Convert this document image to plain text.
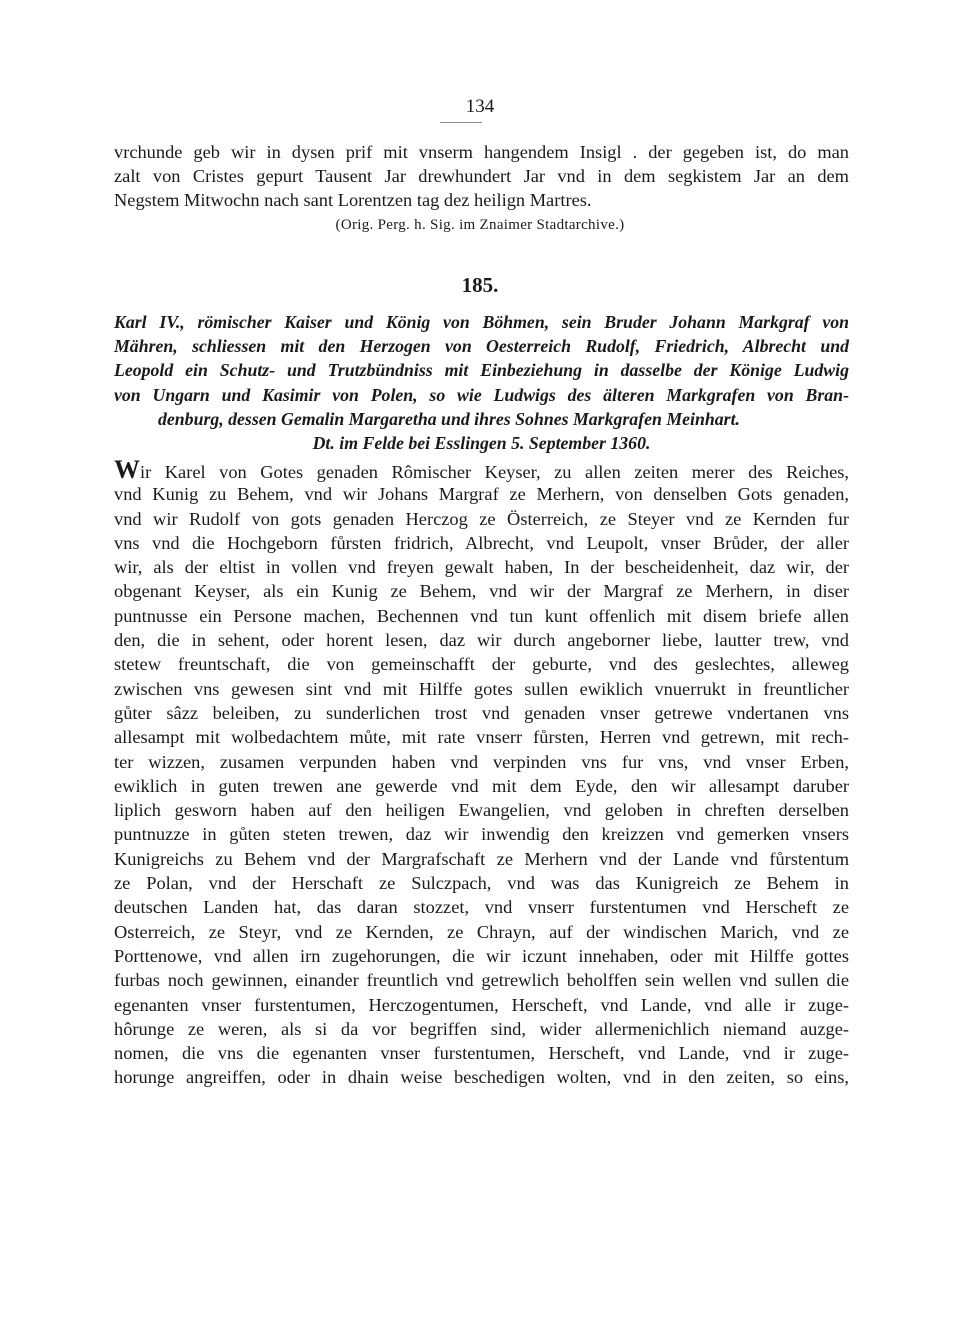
134
vrchunde geb wir in dysen prif mit vnserm hangendem Insigl . der gegeben ist, do man
zalt von Cristes gepurt Tausent Jar drewhundert Jar vnd in dem segkistem Jar an dem
Negstem Mitwochn nach sant Lorentzen tag dez heilign Martres.
(Orig. Perg. h. Sig. im Znaimer Stadtarchive.)
185.
Karl IV., römischer Kaiser und König von Böhmen, sein Bruder Johann Markgraf von
Mähren, schliessen mit den Herzogen von Oesterreich Rudolf, Friedrich, Albrecht und
Leopold ein Schutz- und Trutzbündniss mit Einbeziehung in dasselbe der Könige Ludwig
von Ungarn und Kasimir von Polen, so wie Ludwigs des älteren Markgrafen von Bran-
denburg, dessen Gemalin Margaretha und ihres Sohnes Markgrafen Meinhart.
Dt. im Felde bei Esslingen 5. September 1360.
Wir Karel von Gotes genaden Rômischer Keyser, zu allen zeiten merer des Reiches,
vnd Kunig zu Behem, vnd wir Johans Margraf ze Merhern, von denselben Gots genaden,
vnd wir Rudolf von gots genaden Herczog ze Österreich, ze Steyer vnd ze Kernden fur
vns vnd die Hochgeborn fůrsten fridrich, Albrecht, vnd Leupolt, vnser Brůder, der aller
wir, als der eltist in vollen vnd freyen gewalt haben, In der bescheidenheit, daz wir, der
obgenant Keyser, als ein Kunig ze Behem, vnd wir der Margraf ze Merhern, in diser
puntnusse ein Persone machen, Bechennen vnd tun kunt offenlich mit disem briefe allen
den, die in sehent, oder horent lesen, daz wir durch angeborner liebe, lautter trew, vnd
stetew freuntschaft, die von gemeinschafft der geburte, vnd des geslechtes, alleweg
zwischen vns gewesen sint vnd mit Hilffe gotes sullen ewiklich vnuerrukt in freuntlicher
gůter sâzz beleiben, zu sunderlichen trost vnd genaden vnser getrewe vndertanen vns
allesampt mit wolbedachtem můte, mit rate vnserr fůrsten, Herren vnd getrewn, mit rech-
ter wizzen, zusamen verpunden haben vnd verpinden vns fur vns, vnd vnser Erben,
ewiklich in guten trewen ane gewerde vnd mit dem Eyde, den wir allesampt daruber
liplich gesworn haben auf den heiligen Ewangelien, vnd geloben in chreften derselben
puntnuzze in gůten steten trewen, daz wir inwendig den kreizzen vnd gemerken vnsers
Kunigreichs zu Behem vnd der Margrafschaft ze Merhern vnd der Lande vnd fůrstentum
ze Polan, vnd der Herschaft ze Sulczpach, vnd was das Kunigreich ze Behem in
deutschen Landen hat, das daran stozzet, vnd vnserr furstentumen vnd Herscheft ze
Osterreich, ze Steyr, vnd ze Kernden, ze Chrayn, auf der windischen Marich, vnd ze
Porttenowe, vnd allen irn zugehorungen, die wir iczunt innehaben, oder mit Hilffe gottes
furbas noch gewinnen, einander freuntlich vnd getrewlich beholffen sein wellen vnd sullen die
egenanten vnser furstentumen, Herczogentumen, Herscheft, vnd Lande, vnd alle ir zuge-
hôrunge ze weren, als si da vor begriffen sind, wider allermenichlich niemand auzge-
nomen, die vns die egenanten vnser furstentumen, Herscheft, vnd Lande, vnd ir zuge-
horunge angreiffen, oder in dhain weise beschedigen wolten, vnd in den zeiten, so eins,
